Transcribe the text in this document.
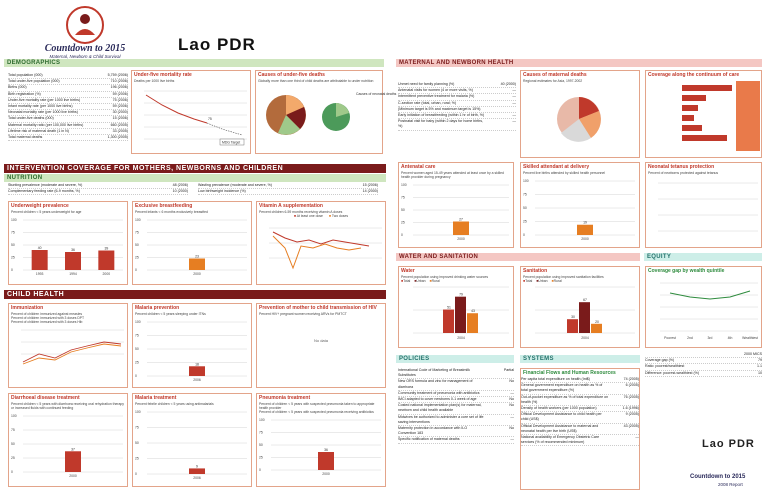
Countdown to 2015
Maternal, Newborn & Child Survival
Lao PDR
DEMOGRAPHICS
Total population (000)	5,759 (2006)
Total under-five population (000)	710 (2006)
Births (000)	196 (2006)
Birth registration (%)	59 (2006)
Under-five mortality rate (per 1000 live births)	75 (2006)
Infant mortality rate (per 1000 live births)	59 (2006)
Neonatal mortality rate (per 1000 live births)	30 (2000)
Total under-five deaths (000)	15 (2006)
Maternal mortality ratio (per 100,000 live births)	660 (2005)
Lifetime risk of maternal death (1 in N)	33 (2005)
Total maternal deaths	1,300 (2005)
Under-five mortality rate
Deaths per 1000 live births
75
MDG Target
Causes of under-five deaths
Globally more than one third of child deaths are attributable to under nutrition
Causes of neonatal deaths
MATERNAL AND NEWBORN HEALTH
Unmet need for family planning (%)	40 (2000)
Antenatal visits for women (4 or more visits, %)	—
Intermittent preventive treatment for malaria (%)	—
C-section rate (total, urban, rural; %)	—
(Minimum target is 5% and maximum target is 15%)
Early initiation of breastfeeding (within 1 hr of birth, %)	—
Postnatal visit for baby (within 2 days for home births, %)
—
Causes of maternal deaths
Regional estimates for Asia, 1997-2002
Coverage along the continuum of care
INTERVENTION COVERAGE FOR MOTHERS, NEWBORNS AND CHILDREN
NUTRITION
Stunting prevalence (moderate and severe, %)	48 (2006)	Wasting prevalence (moderate and severe, %)	15 (2006)
Complementary feeding rate (6-9 months, %)	10 (2000)	Low birthweight incidence (%)	14 (2000)
Underweight prevalence
Percent children < 5 years underweight for age
0
25
50
75
100
40
1993
36
1994
39
2000
Exclusive breastfeeding
Percent infants < 6 months exclusively breastfed
0
25
50
75
100
23
2000
Vitamin A supplementation
Percent children 6-59 months receiving vitamin A doses
■ At least one dose ■ Two doses
CHILD HEALTH
Immunization
Percent of children immunized against measles
Percent of children immunized with 3 doses DPT
Percent of children immunized with 3 doses Hib
Malaria prevention
Percent children < 5 years sleeping under ITNs
0
25
50
75
100
18
2006
Prevention of mother to child transmission of HIV
Percent HIV+ pregnant women receiving ARVs for PMTCT
No data
Diarrhoeal disease treatment
Percent children < 5 years with diarrhoea receiving oral rehydration therapy or increased fluids with continued feeding
0
25
50
75
100
37
2000
Malaria treatment
Percent febrile children < 5 years using antimalarials
0
25
50
75
100
9
2006
Pneumonia treatment
Percent of children < 5 years with suspected pneumonia taken to appropriate health provider
Percent of children < 5 years with suspected pneumonia receiving antibiotics
0
25
50
75
100
36
2000
Antenatal care
Percent women aged 15-49 years attended at least once by a skilled health provider during pregnancy
0
25
50
75
100
27
2000
Skilled attendant at delivery
Percent live births attended by skilled health personnel
0
25
50
75
100
19
2000
Neonatal tetanus protection
Percent of newborns protected against tetanus
WATER AND SANITATION	EQUITY
Water
Percent population using improved drinking water sources
■Total ■Urban ■Rural
51
79
43
2004
Sanitation
Percent population using improved sanitation facilities
■Total ■Urban ■Rural
30
67
20
2004
Coverage gap by wealth quintile
Poorest	2nd	3rd	4th	Wealthiest
2000 MICS
Coverage gap (%)	79
Ratio: poorest/wealthiest	1.1
Difference: poorest-wealthiest (%)	10
POLICIES	SYSTEMS
International Code of Marketing of Breastmilk Substitutes
Partial
New ORS formula and zinc for management of diarrhoea
No
Community treatment of pneumonia with antibiotics	—
IMCI adapted to cover newborns 0-1 week of age	No
Costed national implementation plan(s) for maternal, newborn and child health available
No
Midwives be authorized to administer a core set of life saving interventions
—
Maternity protection in accordance with ILO Convention 183
No
Specific notification of maternal deaths	—
Financial Flows and Human Resources
Per capita total expenditure on health (Int$)	74 (2005)
General government expenditure on health as % of total government expenditure (%)
6 (2005)
Out-of-pocket expenditure as % of total expenditure on health (%)
76 (2005)
Density of health workers (per 1000 population)	1.6 (1996)
Official Development Assistance to child health per child (US$)
9 (2005)
Official Development Assistance to maternal and neonatal health per live birth (US$)
43 (2005)
National availability of Emergency Obstetric Care services (% of recommended minimum)
—
Lao PDR
Countdown to 2015
2008 Report
